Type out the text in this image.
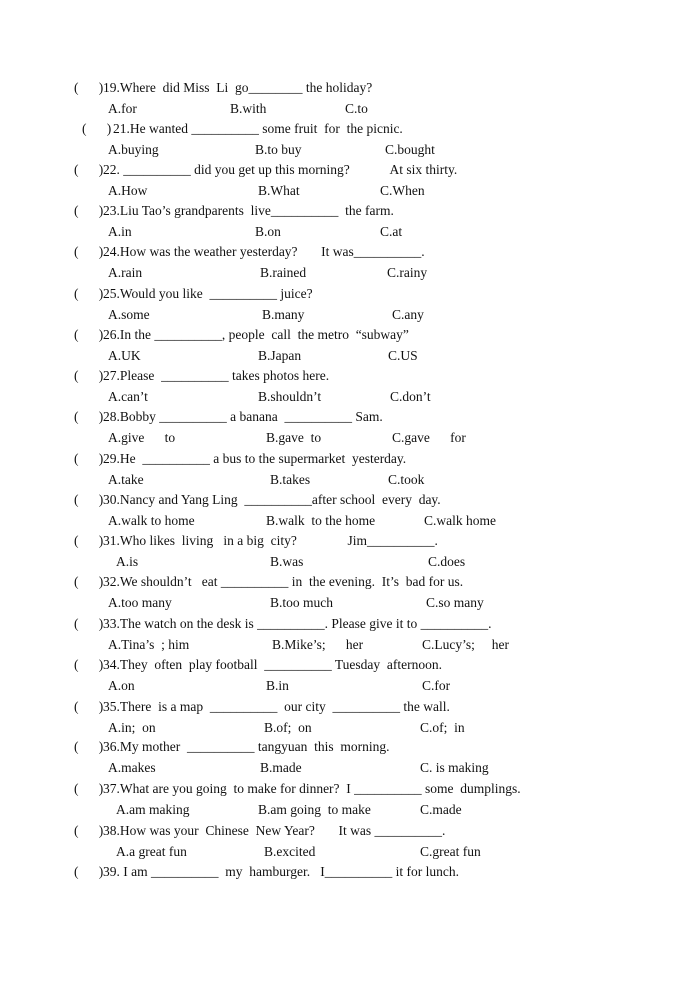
(      ) 19.Where  did Miss  Li  go________ the holiday?
A.for	B.with	C.to
(      ) 21.He wanted __________ some fruit  for  the picnic.
A.buying	B.to buy	C.bought
(      ) 22. __________ did you get up this morning?            At six thirty.
A.How	B.What	C.When
(      ) 23.Liu Tao’s grandparents  live__________  the farm.
A.in	B.on	C.at
(      ) 24.How was the weather yesterday?       It was__________.
A.rain	B.rained	C.rainy
(      ) 25.Would you like  __________ juice?
A.some	B.many	C.any
(      ) 26.In the __________, people  call  the metro  “subway”
A.UK	B.Japan	C.US
(      ) 27.Please  __________ takes photos here.
A.can’t	B.shouldn’t	C.don’t
(      ) 28.Bobby __________ a banana  __________ Sam.
A.give      to	B.gave  to	C.gave      for
(      ) 29.He  __________ a bus to the supermarket  yesterday.
A.take	B.takes	C.took
(      ) 30.Nancy and Yang Ling  __________after school  every  day.
A.walk to home	B.walk  to the home	C.walk home
(      ) 31.Who likes  living   in a big  city?               Jim__________.
A.is	B.was	C.does
(      ) 32.We shouldn’t   eat __________ in  the evening.  It’s  bad for us.
A.too many	B.too much	C.so many
(      ) 33.The watch on the desk is __________. Please give it to __________.
A.Tina’s  ; him	B.Mike’s;      her	C.Lucy’s;     her
(      ) 34.They  often  play football  __________ Tuesday  afternoon.
A.on	B.in	C.for
(      ) 35.There  is a map  __________  our city  __________ the wall.
A.in;  on	B.of;  on	C.of;  in
(      ) 36.My mother  __________ tangyuan  this  morning.
A.makes	B.made	C. is making
(      ) 37.What are you going  to make for dinner?  I __________ some  dumplings.
A.am making	B.am going  to make	C.made
(      ) 38.How was your  Chinese  New Year?       It was __________.
A.a great fun	B.excited	C.great fun
(      ) 39. I am __________  my  hamburger.   I__________ it for lunch.
